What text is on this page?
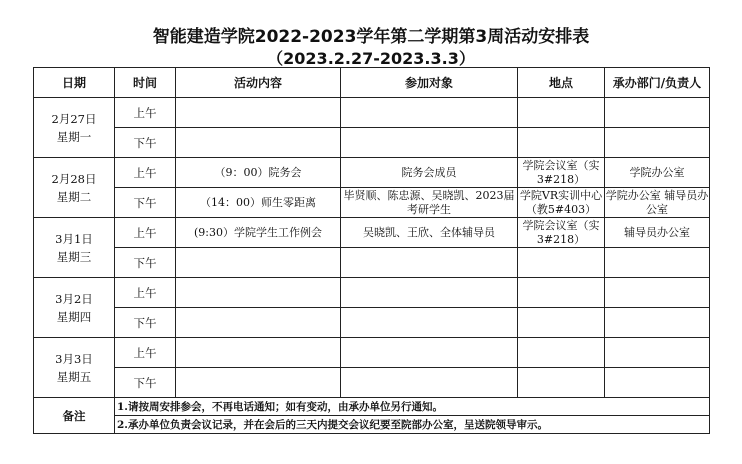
智能建造学院2022-2023学年第二学期第3周活动安排表
（2023.2.27-2023.3.3）
日期	时间	活动内容	参加对象	地点	承办部门/负责人

2月27日
星期一	上午				
	下午				

2月28日
星期二	上午	（9：00）院务会	院务会成员	学院会议室（实3#218）	学院办公室
	下午	（14：00）师生零距离	毕贤顺、陈忠源、吴晓凯、2023届考研学生	学院VR实训中心（教5#403）	学院办公室 辅导员办公室

3月1日
星期三	上午	(9:30）学院学生工作例会	吴晓凯、王欣、全体辅导员	学院会议室（实3#218）	辅导员办公室
	下午				

3月2日
星期四	上午				
	下午				

3月3日
星期五	上午				
	下午				
备注	1.请按周安排参会，不再电话通知；如有变动，由承办单位另行通知。				
	2.承办单位负责会议记录，并在会后的三天内提交会议纪要至院部办公室，呈送院领导审示。				
